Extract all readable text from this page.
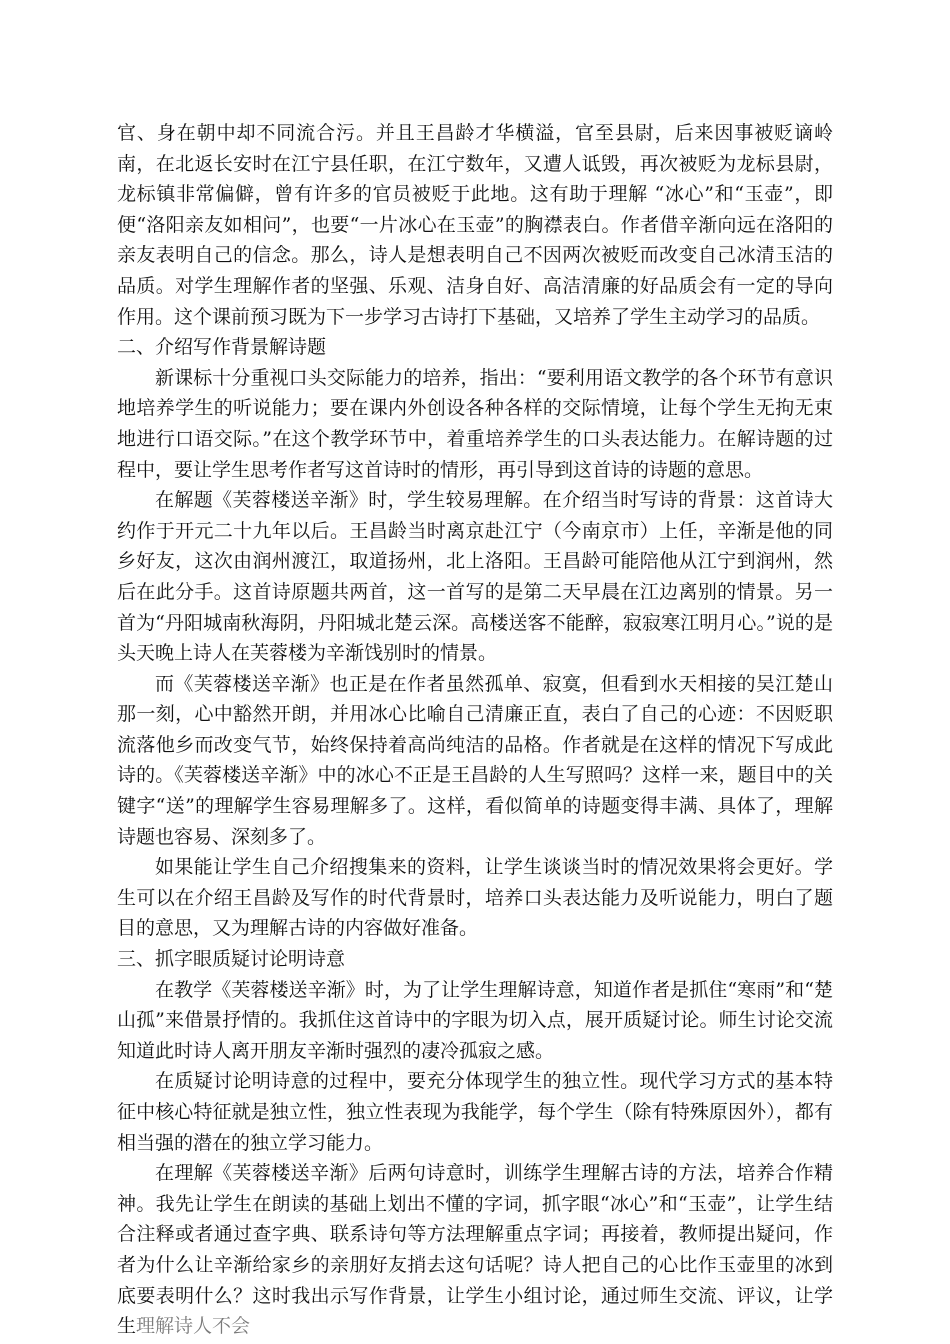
官、身在朝中却不同流合污。并且王昌龄才华横溢，官至县尉，后来因事被贬谪岭南，在北返长安时在江宁县任职，在江宁数年，又遭人诋毁，再次被贬为龙标县尉，龙标镇非常偏僻，曾有许多的官员被贬于此地。这有助于理解 “冰心”和“玉壶”，即便“洛阳亲友如相问”，也要“一片冰心在玉壶”的胸襟表白。作者借辛渐向远在洛阳的亲友表明自己的信念。那么，诗人是想表明自己不因两次被贬而改变自己冰清玉洁的品质。对学生理解作者的坚强、乐观、洁身自好、高洁清廉的好品质会有一定的导向作用。这个课前预习既为下一步学习古诗打下基础，又培养了学生主动学习的品质。

二、介绍写作背景解诗题

新课标十分重视口头交际能力的培养，指出：“要利用语文教学的各个环节有意识地培养学生的听说能力；要在课内外创设各种各样的交际情境，让每个学生无拘无束地进行口语交际。”在这个教学环节中，着重培养学生的口头表达能力。在解诗题的过程中，要让学生思考作者写这首诗时的情形，再引导到这首诗的诗题的意思。

在解题《芙蓉楼送辛渐》时，学生较易理解。在介绍当时写诗的背景：这首诗大约作于开元二十九年以后。王昌龄当时离京赴江宁（今南京市）上任，辛渐是他的同乡好友，这次由润州渡江，取道扬州，北上洛阳。王昌龄可能陪他从江宁到润州，然后在此分手。这首诗原题共两首，这一首写的是第二天早晨在江边离别的情景。另一首为“丹阳城南秋海阴，丹阳城北楚云深。高楼送客不能醉，寂寂寒江明月心。”说的是头天晚上诗人在芙蓉楼为辛渐饯别时的情景。

而《芙蓉楼送辛渐》也正是在作者虽然孤单、寂寞，但看到水天相接的吴江楚山那一刻，心中豁然开朗，并用冰心比喻自己清廉正直，表白了自己的心迹：不因贬职流落他乡而改变气节，始终保持着高尚纯洁的品格。作者就是在这样的情况下写成此诗的。《芙蓉楼送辛渐》中的冰心不正是王昌龄的人生写照吗？这样一来，题目中的关键字“送”的理解学生容易理解多了。这样，看似简单的诗题变得丰满、具体了，理解诗题也容易、深刻多了。

如果能让学生自己介绍搜集来的资料，让学生谈谈当时的情况效果将会更好。学生可以在介绍王昌龄及写作的时代背景时，培养口头表达能力及听说能力，明白了题目的意思，又为理解古诗的内容做好准备。

三、抓字眼质疑讨论明诗意

在教学《芙蓉楼送辛渐》时，为了让学生理解诗意，知道作者是抓住“寒雨”和“楚山孤”来借景抒情的。我抓住这首诗中的字眼为切入点，展开质疑讨论。师生讨论交流知道此时诗人离开朋友辛渐时强烈的凄冷孤寂之感。

在质疑讨论明诗意的过程中，要充分体现学生的独立性。现代学习方式的基本特征中核心特征就是独立性，独立性表现为我能学，每个学生（除有特殊原因外），都有相当强的潜在的独立学习能力。

在理解《芙蓉楼送辛渐》后两句诗意时，训练学生理解古诗的方法，培养合作精神。我先让学生在朗读的基础上划出不懂的字词，抓字眼“冰心”和“玉壶”，让学生结合注释或者通过查字典、联系诗句等方法理解重点字词；再接着，教师提出疑问，作者为什么让辛渐给家乡的亲朋好友捎去这句话呢？诗人把自己的心比作玉壶里的冰到底要表明什么？这时我出示写作背景，让学生小组讨论，通过师生交流、评议，让学生理解诗人不会
